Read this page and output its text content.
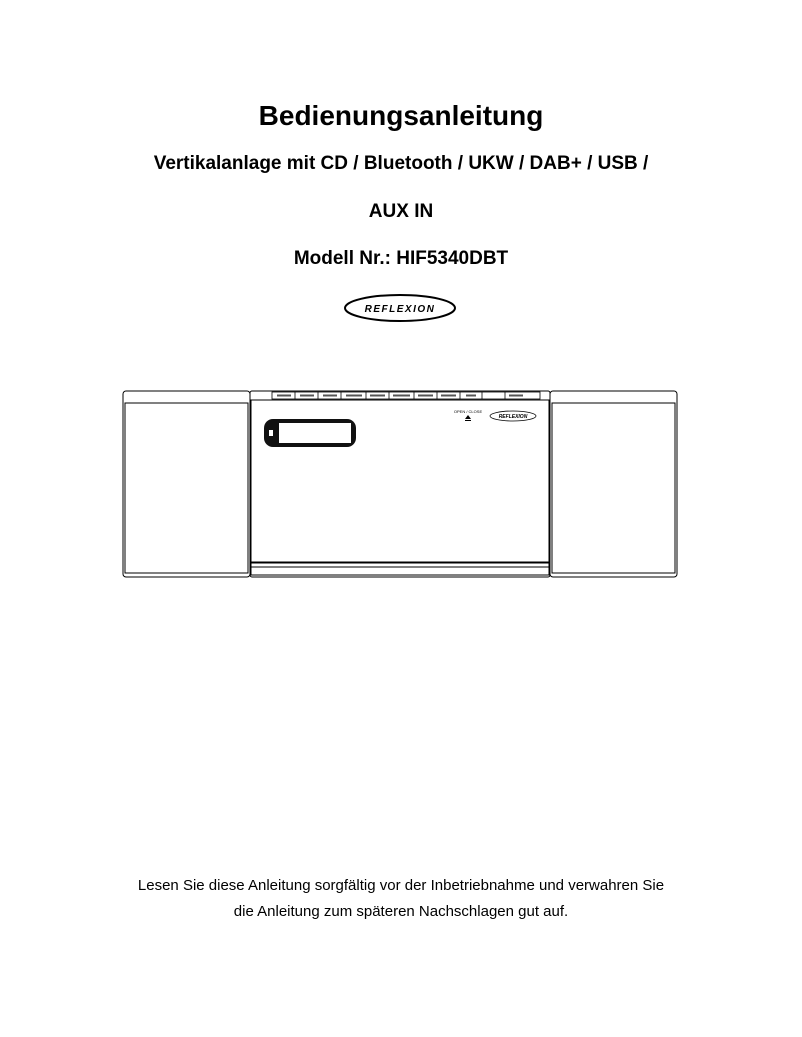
Bedienungsanleitung
Vertikalanlage mit CD / Bluetooth / UKW / DAB+ / USB /
AUX IN
Modell Nr.: HIF5340DBT
REFLEXION
OPEN / CLOSE
REFLEXION
Lesen Sie diese Anleitung sorgfältig vor der Inbetriebnahme und verwahren Sie
die Anleitung zum späteren Nachschlagen gut auf.
